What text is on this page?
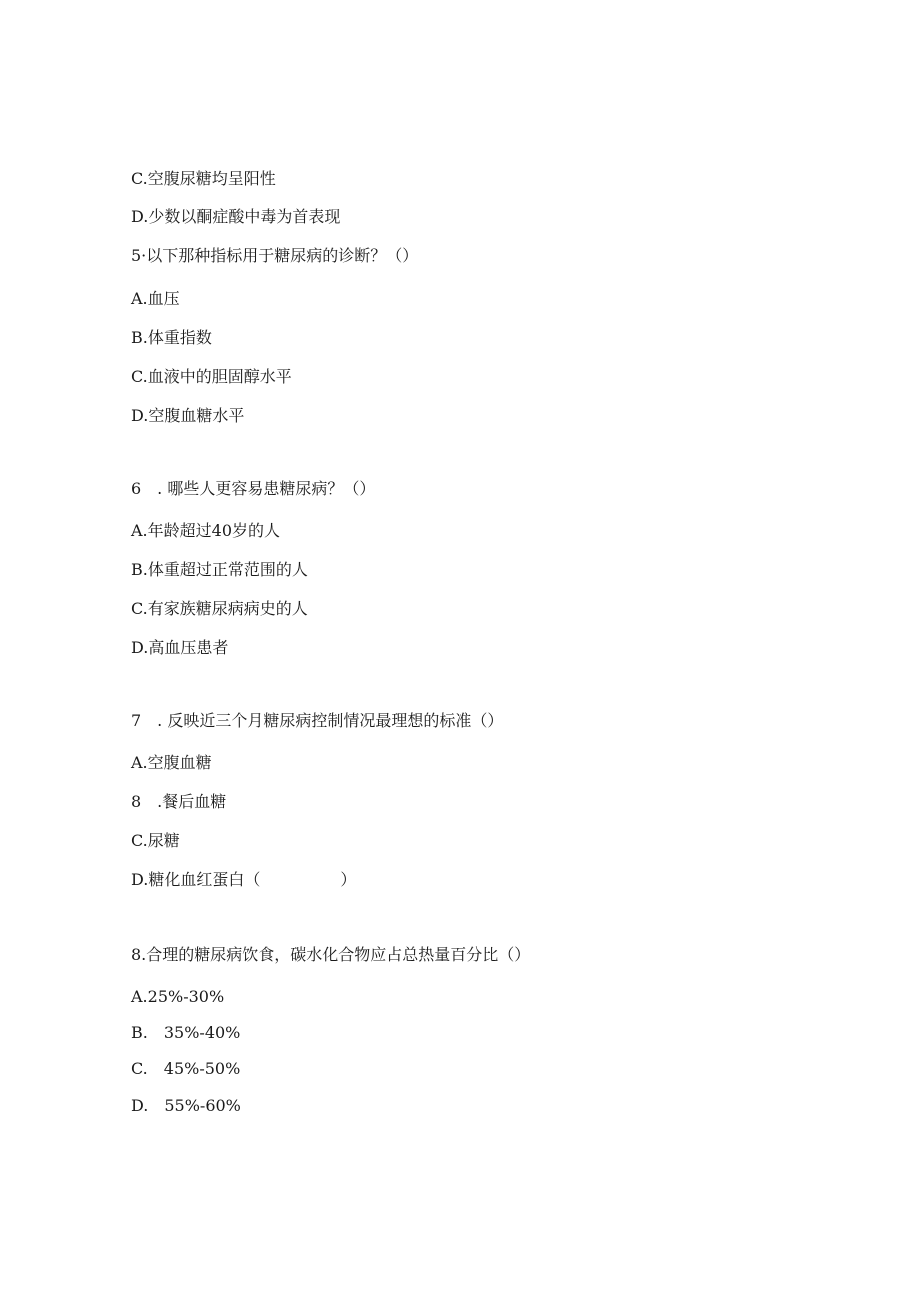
C.空腹尿糖均呈阳性
D.少数以酮症酸中毒为首表现
5·以下那种指标用于糖尿病的诊断？（）
A.血压
B.体重指数
C.血液中的胆固醇水平
D.空腹血糖水平
6　. 哪些人更容易患糖尿病？（）
A.年龄超过40岁的人
B.体重超过正常范围的人
C.有家族糖尿病病史的人
D.高血压患者
7　. 反映近三个月糖尿病控制情况最理想的标准（）
A.空腹血糖
8　.餐后血糖
C.尿糖
D.糖化血红蛋白（　　　　　）
8.合理的糖尿病饮食，碳水化合物应占总热量百分比（）
A.25%-30%
B.　35%-40%
C.　45%-50%
D.　55%-60%
